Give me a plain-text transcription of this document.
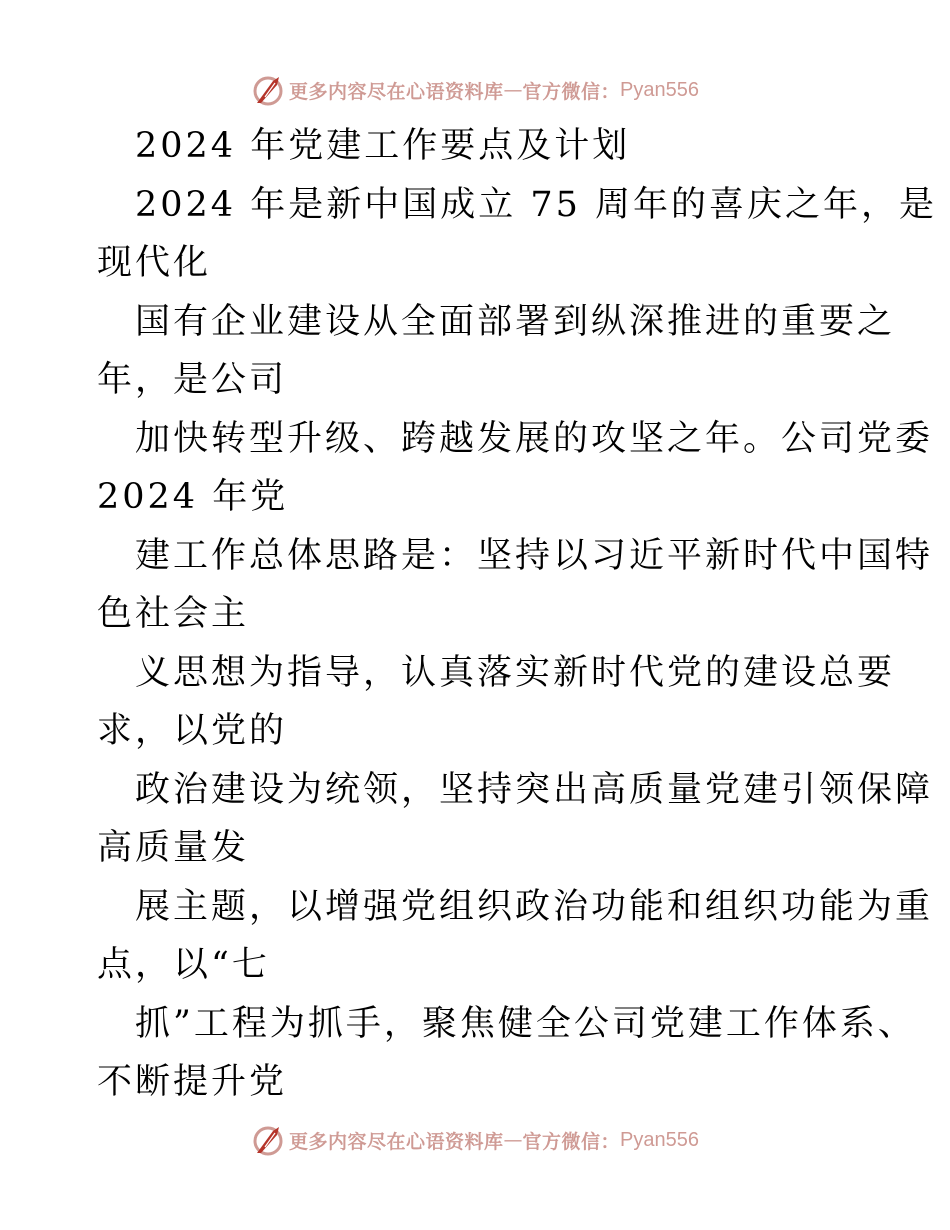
更多内容尽在心语资料库 — 官方微信： Pyan556
2024 年党建工作要点及计划
2024 年是新中国成立 75 周年的喜庆之年，是
现代化
国有企业建设从全面部署到纵深推进的重要之
年，是公司
加快转型升级、跨越发展的攻坚之年。公司党委
2024 年党
建工作总体思路是：坚持以习近平新时代中国特
色社会主
义思想为指导，认真落实新时代党的建设总要
求，以党的
政治建设为统领，坚持突出高质量党建引领保障
高质量发
展主题，以增强党组织政治功能和组织功能为重
点，以“七
抓”工程为抓手，聚焦健全公司党建工作体系、
不断提升党
更多内容尽在心语资料库 — 官方微信： Pyan556
